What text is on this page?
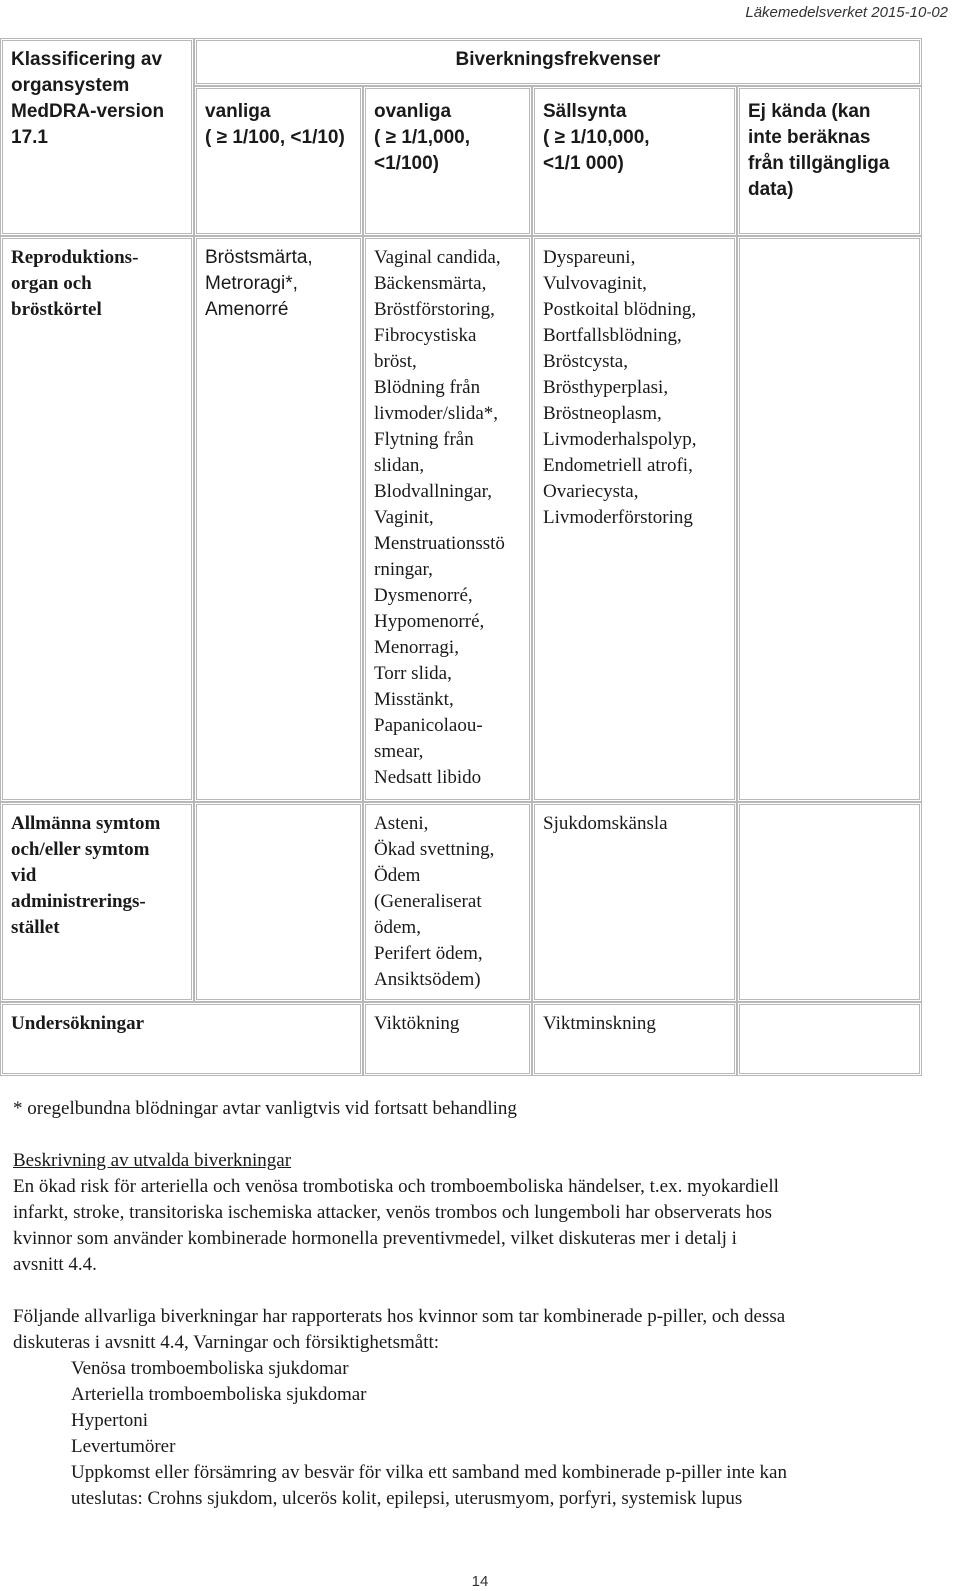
Läkemedelsverket 2015-10-02
Klassificering av
organsystem
MedDRA-version
17.1
Biverkningsfrekvenser
vanliga
( ≥ 1/100, <1/10)
ovanliga
( ≥ 1/1,000,
<1/100)
Sällsynta
( ≥ 1/10,000,
<1/1 000)
Ej kända (kan
inte beräknas
från tillgängliga
data)
Reproduktions-
organ och
bröstkörtel
Bröstsmärta,
Metroragi*,
Amenorré
Vaginal candida,
Bäckensmärta,
Bröstförstoring,
Fibrocystiska
bröst,
Blödning från
livmoder/slida*,
Flytning från
slidan,
Blodvallningar,
Vaginit,
Menstruationsstö
rningar,
Dysmenorré,
Hypomenorré,
Menorragi,
Torr slida,
Misstänkt,
Papanicolaou-
smear,
Nedsatt libido
Dyspareuni,
Vulvovaginit,
Postkoital blödning,
Bortfallsblödning,
Bröstcysta,
Brösthyperplasi,
Bröstneoplasm,
Livmoderhalspolyp,
Endometriell atrofi,
Ovariecysta,
Livmoderförstoring
Allmänna symtom
och/eller symtom
vid
administrerings-
stället
Asteni,
Ökad svettning,
Ödem
(Generaliserat
ödem,
Perifert ödem,
Ansiktsödem)
Sjukdomskänsla
Undersökningar	Viktökning	Viktminskning
* oregelbundna blödningar avtar vanligtvis vid fortsatt behandling
Beskrivning av utvalda biverkningar
En ökad risk för arteriella och venösa trombotiska och tromboemboliska händelser, t.ex. myokardiell
infarkt, stroke, transitoriska ischemiska attacker, venös trombos och lungemboli har observerats hos
kvinnor som använder kombinerade hormonella preventivmedel, vilket diskuteras mer i detalj i
avsnitt 4.4.
Följande allvarliga biverkningar har rapporterats hos kvinnor som tar kombinerade p-piller, och dessa
diskuteras i avsnitt 4.4, Varningar och försiktighetsmått:
Venösa tromboemboliska sjukdomar
Arteriella tromboemboliska sjukdomar
Hypertoni
Levertumörer
Uppkomst eller försämring av besvär för vilka ett samband med kombinerade p-piller inte kan
uteslutas: Crohns sjukdom, ulcerös kolit, epilepsi, uterusmyom, porfyri, systemisk lupus
14
